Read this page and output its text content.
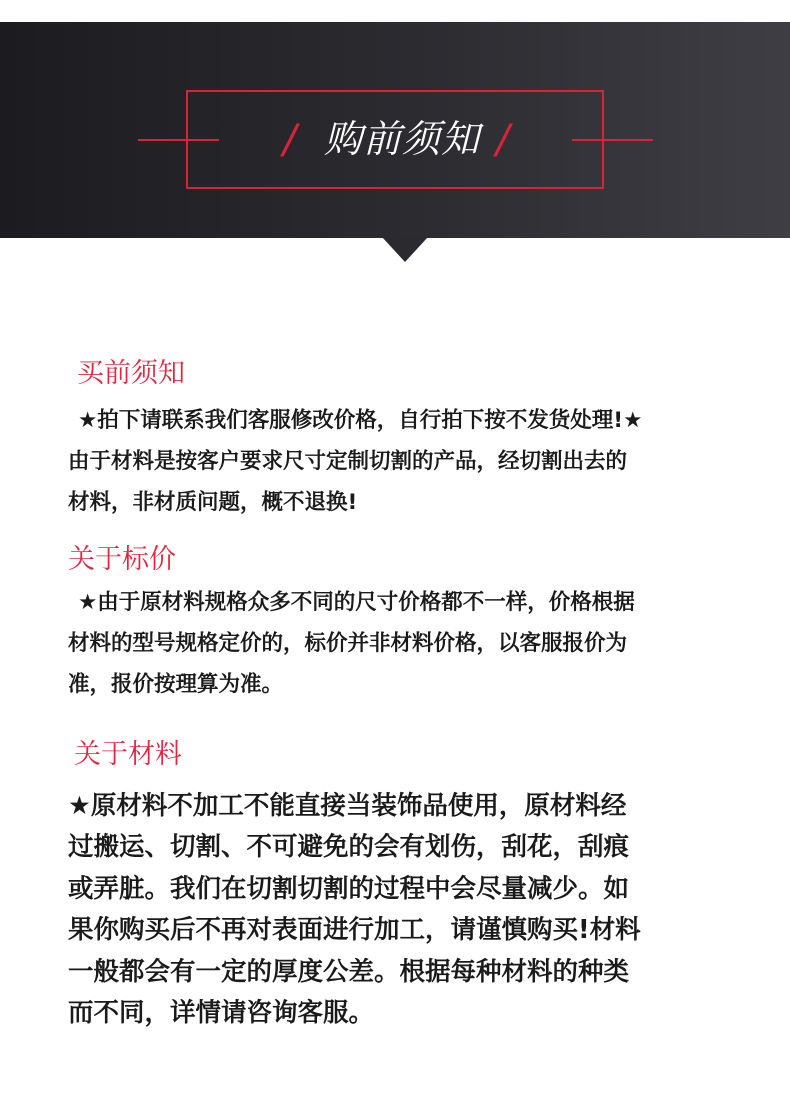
/ 购前须知 /
买前须知
★拍下请联系我们客服修改价格，自行拍下按不发货处理!★
由于材料是按客户要求尺寸定制切割的产品，经切割出去的
材料，非材质问题，概不退换!
关于标价
★由于原材料规格众多不同的尺寸价格都不一样，价格根据
材料的型号规格定价的，标价并非材料价格，以客服报价为
准，报价按理算为准。
关于材料
★原材料不加工不能直接当装饰品使用，原材料经
过搬运、切割、不可避免的会有划伤，刮花，刮痕
或弄脏。我们在切割切割的过程中会尽量减少。如
果你购买后不再对表面进行加工，请谨慎购买!材料
一般都会有一定的厚度公差。根据每种材料的种类
而不同，详情请咨询客服。
